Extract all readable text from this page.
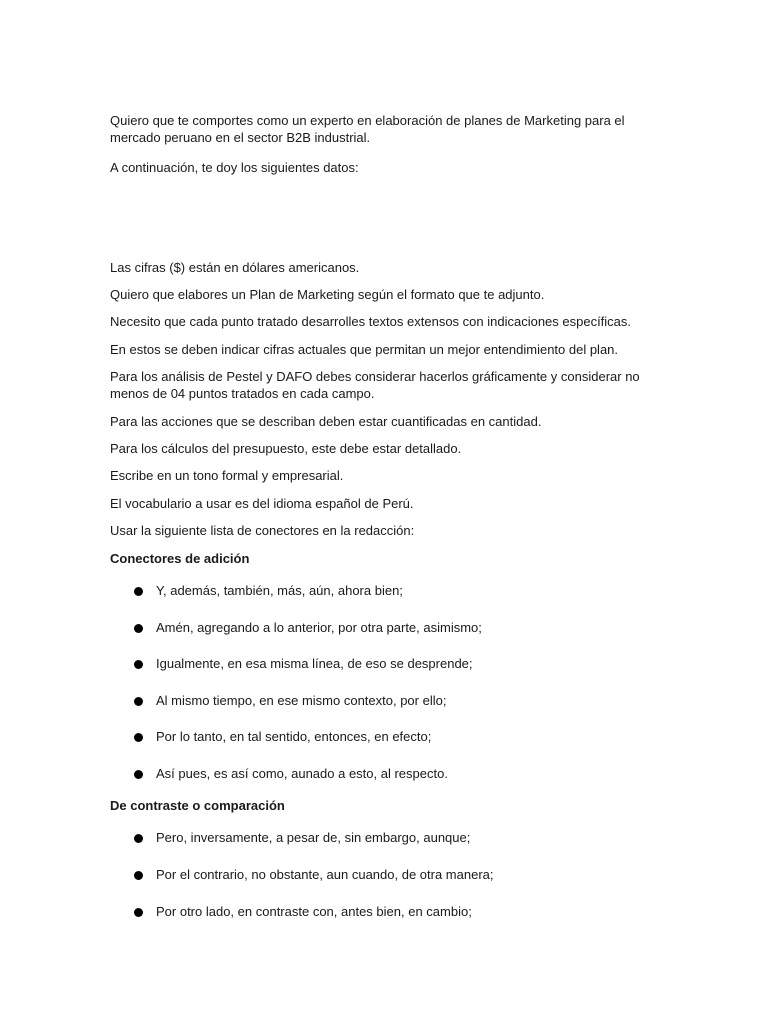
Quiero que te comportes como un experto en elaboración de planes de Marketing para el mercado peruano en el sector B2B industrial.

A continuación, te doy los siguientes datos:

Las cifras ($) están en dólares americanos.

Quiero que elabores un Plan de Marketing según el formato que te adjunto.

Necesito que cada punto tratado desarrolles textos extensos con indicaciones específicas.

En estos se deben indicar cifras actuales que permitan un mejor entendimiento del plan.

Para los análisis de Pestel y DAFO debes considerar hacerlos gráficamente y considerar no menos de 04 puntos tratados en cada campo.

Para las acciones que se describan deben estar cuantificadas en cantidad.

Para los cálculos del presupuesto, este debe estar detallado.

Escribe en un tono formal y empresarial.

El vocabulario a usar es del idioma español de Perú.

Usar la siguiente lista de conectores en la redacción:

Conectores de adición

Y, además, también, más, aún, ahora bien;
Amén, agregando a lo anterior, por otra parte, asimismo;
Igualmente, en esa misma línea, de eso se desprende;
Al mismo tiempo, en ese mismo contexto, por ello;
Por lo tanto, en tal sentido, entonces, en efecto;
Así pues, es así como, aunado a esto, al respecto.

De contraste o comparación

Pero, inversamente, a pesar de, sin embargo, aunque;
Por el contrario, no obstante, aun cuando, de otra manera;
Por otro lado, en contraste con, antes bien, en cambio;
